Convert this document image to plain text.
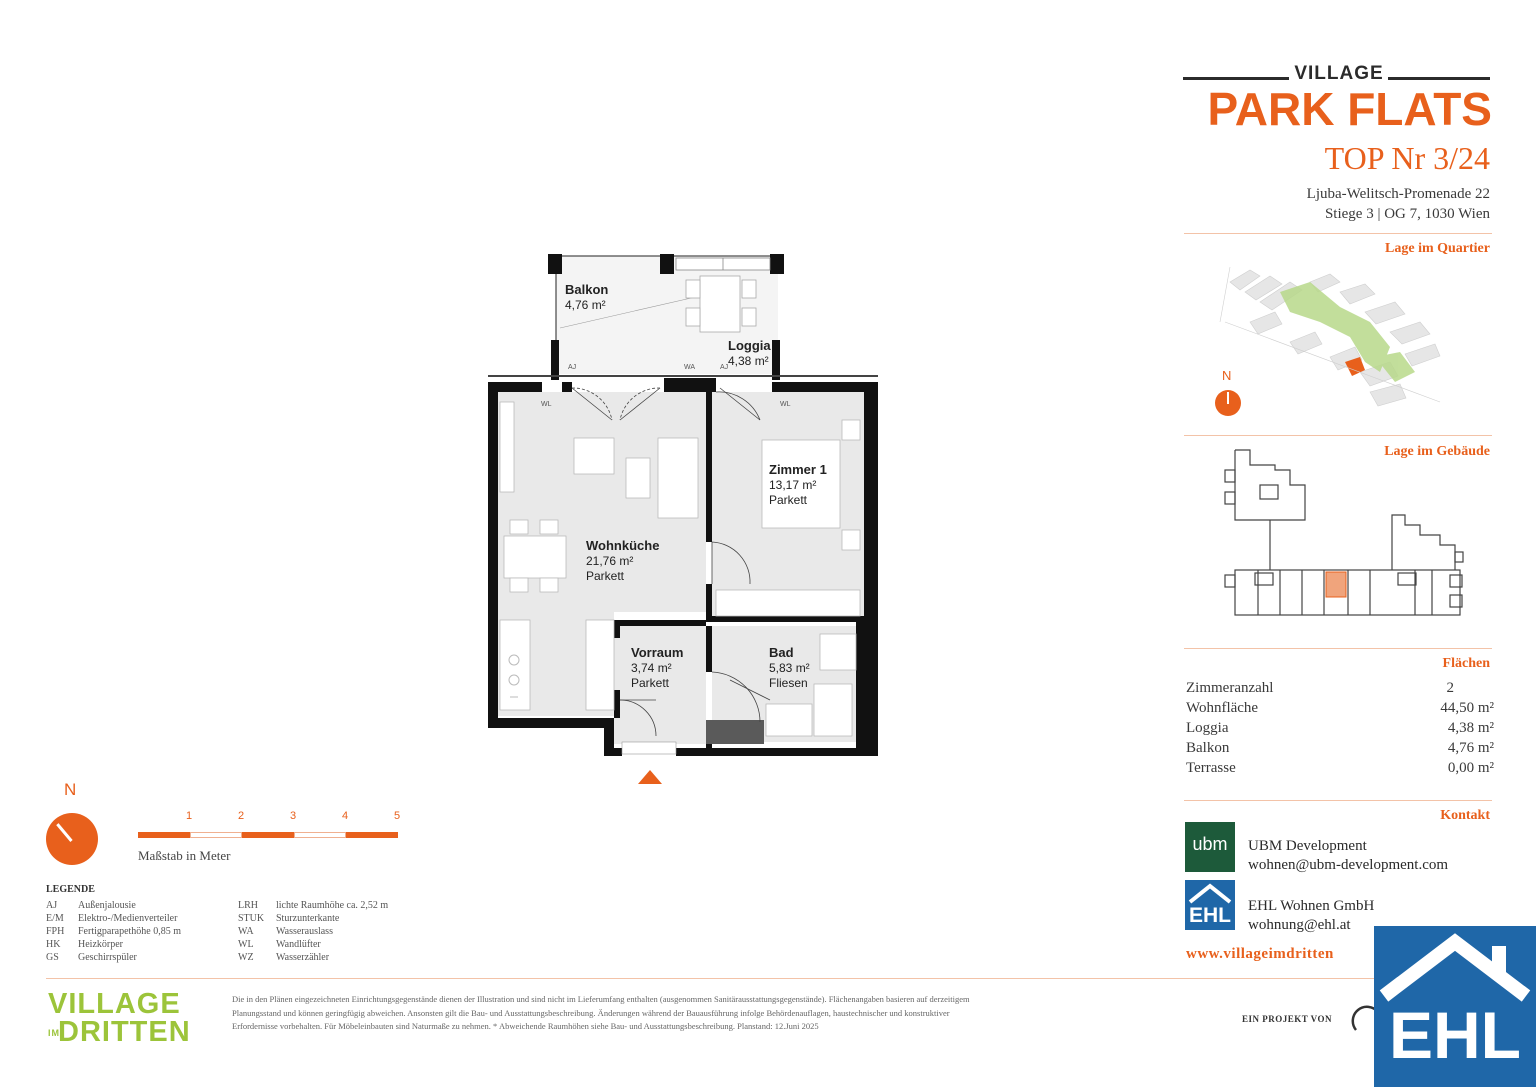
VILLAGE
PARK FLATS
TOP Nr 3/24
Ljuba-Welitsch-Promenade 22
Stiege 3 | OG 7, 1030 Wien
Lage im Quartier
N
Lage im Gebäude
Flächen
Zimmeranzahl	2
Wohnfläche	44,50 m²
Loggia	4,38 m²
Balkon	4,76 m²
Terrasse	0,00 m²
Kontakt
ubm	UBM Development
wohnen@ubm-development.com
EHL EHL Wohnen GmbH
wohnung@ehl.at
www.villageimdritten
Balkon
4,76 m²
Loggia
4,38 m²
Zimmer 1
13,17 m²
Parkett
Wohnküche
21,76 m²
Parkett
Vorraum
3,74 m²
Parkett
Bad
5,83 m²
Fliesen
AJ	WA	AJ
WL	WL
N
1	2	3	4	5
Maßstab in Meter
LEGENDE
AJ Außenjalousie
E/M Elektro-/Medienverteiler
FPH Fertigparapethöhe 0,85 m
HK Heizkörper
GS Geschirrspüler
LRH lichte Raumhöhe ca. 2,52 m
STUK Sturzunterkante
WA Wasserauslass
WL Wandlüfter
WZ Wasserzähler
VILLAGE
IMDRITTEN
Die in den Plänen eingezeichneten Einrichtungsgegenstände dienen der Illustration und sind nicht im Lieferumfang enthalten (ausgenommen Sanitärausstattungsgegenstände). Flächenangaben basieren auf derzeitigem Planungsstand und können geringfügig abweichen. Ansonsten gilt die Bau- und Ausstattungsbeschreibung. Änderungen während der Bauausführung infolge Behördenauflagen, haustechnischer und konstruktiver Erfordernisse vorbehalten. Für Möbeleinbauten sind Naturmaße zu nehmen. * Abweichende Raumhöhen siehe Bau- und Ausstattungsbeschreibung. Planstand: 12.Juni 2025
EIN PROJEKT VON EHL
